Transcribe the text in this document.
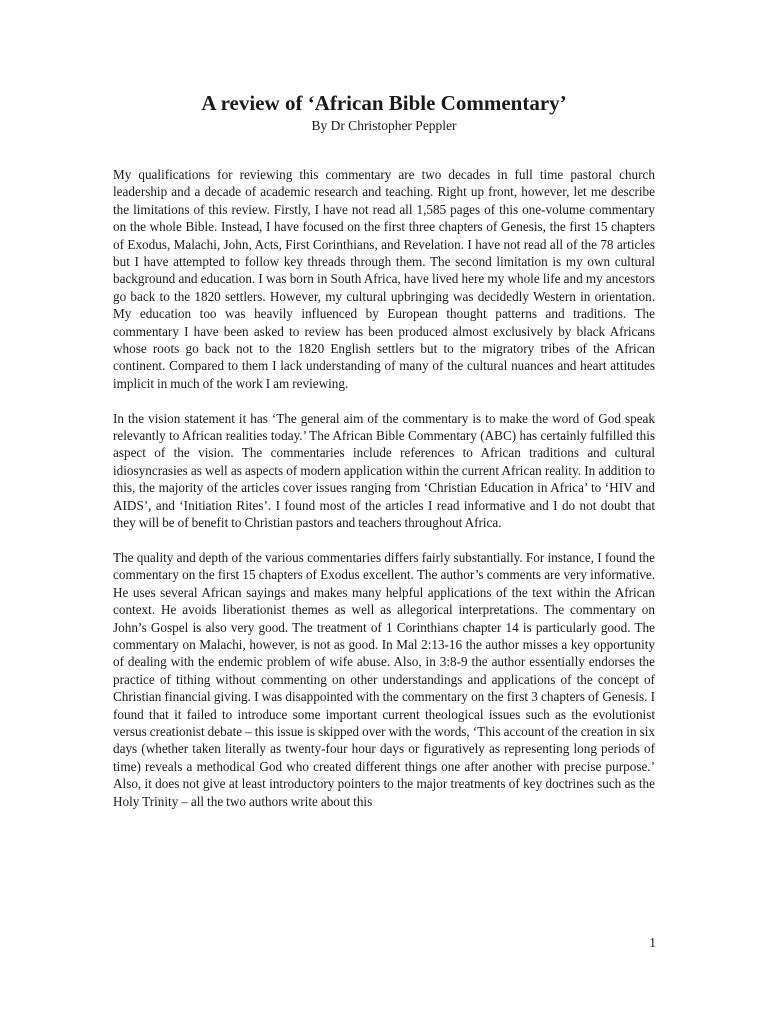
A review of ‘African Bible Commentary’

By Dr Christopher Peppler

My qualifications for reviewing this commentary are two decades in full time pastoral church leadership and a decade of academic research and teaching. Right up front, however, let me describe the limitations of this review. Firstly, I have not read all 1,585 pages of this one-volume commentary on the whole Bible. Instead, I have focused on the first three chapters of Genesis, the first 15 chapters of Exodus, Malachi, John, Acts, First Corinthians, and Revelation. I have not read all of the 78 articles but I have attempted to follow key threads through them. The second limitation is my own cultural background and education. I was born in South Africa, have lived here my whole life and my ancestors go back to the 1820 settlers. However, my cultural upbringing was decidedly Western in orientation. My education too was heavily influenced by European thought patterns and traditions. The commentary I have been asked to review has been produced almost exclusively by black Africans whose roots go back not to the 1820 English settlers but to the migratory tribes of the African continent. Compared to them I lack understanding of many of the cultural nuances and heart attitudes implicit in much of the work I am reviewing.

In the vision statement it has ‘The general aim of the commentary is to make the word of God speak relevantly to African realities today.’ The African Bible Commentary (ABC) has certainly fulfilled this aspect of the vision. The commentaries include references to African traditions and cultural idiosyncrasies as well as aspects of modern application within the current African reality. In addition to this, the majority of the articles cover issues ranging from ‘Christian Education in Africa’ to ‘HIV and AIDS’, and ‘Initiation Rites’. I found most of the articles I read informative and I do not doubt that they will be of benefit to Christian pastors and teachers throughout Africa.

The quality and depth of the various commentaries differs fairly substantially. For instance, I found the commentary on the first 15 chapters of Exodus excellent. The author’s comments are very informative. He uses several African sayings and makes many helpful applications of the text within the African context. He avoids liberationist themes as well as allegorical interpretations. The commentary on John’s Gospel is also very good. The treatment of 1 Corinthians chapter 14 is particularly good. The commentary on Malachi, however, is not as good. In Mal 2:13-16 the author misses a key opportunity of dealing with the endemic problem of wife abuse. Also, in 3:8-9 the author essentially endorses the practice of tithing without commenting on other understandings and applications of the concept of Christian financial giving. I was disappointed with the commentary on the first 3 chapters of Genesis. I found that it failed to introduce some important current theological issues such as the evolutionist versus creationist debate – this issue is skipped over with the words, ‘This account of the creation in six days (whether taken literally as twenty-four hour days or figuratively as representing long periods of time) reveals a methodical God who created different things one after another with precise purpose.’ Also, it does not give at least introductory pointers to the major treatments of key doctrines such as the Holy Trinity – all the two authors write about this

1
